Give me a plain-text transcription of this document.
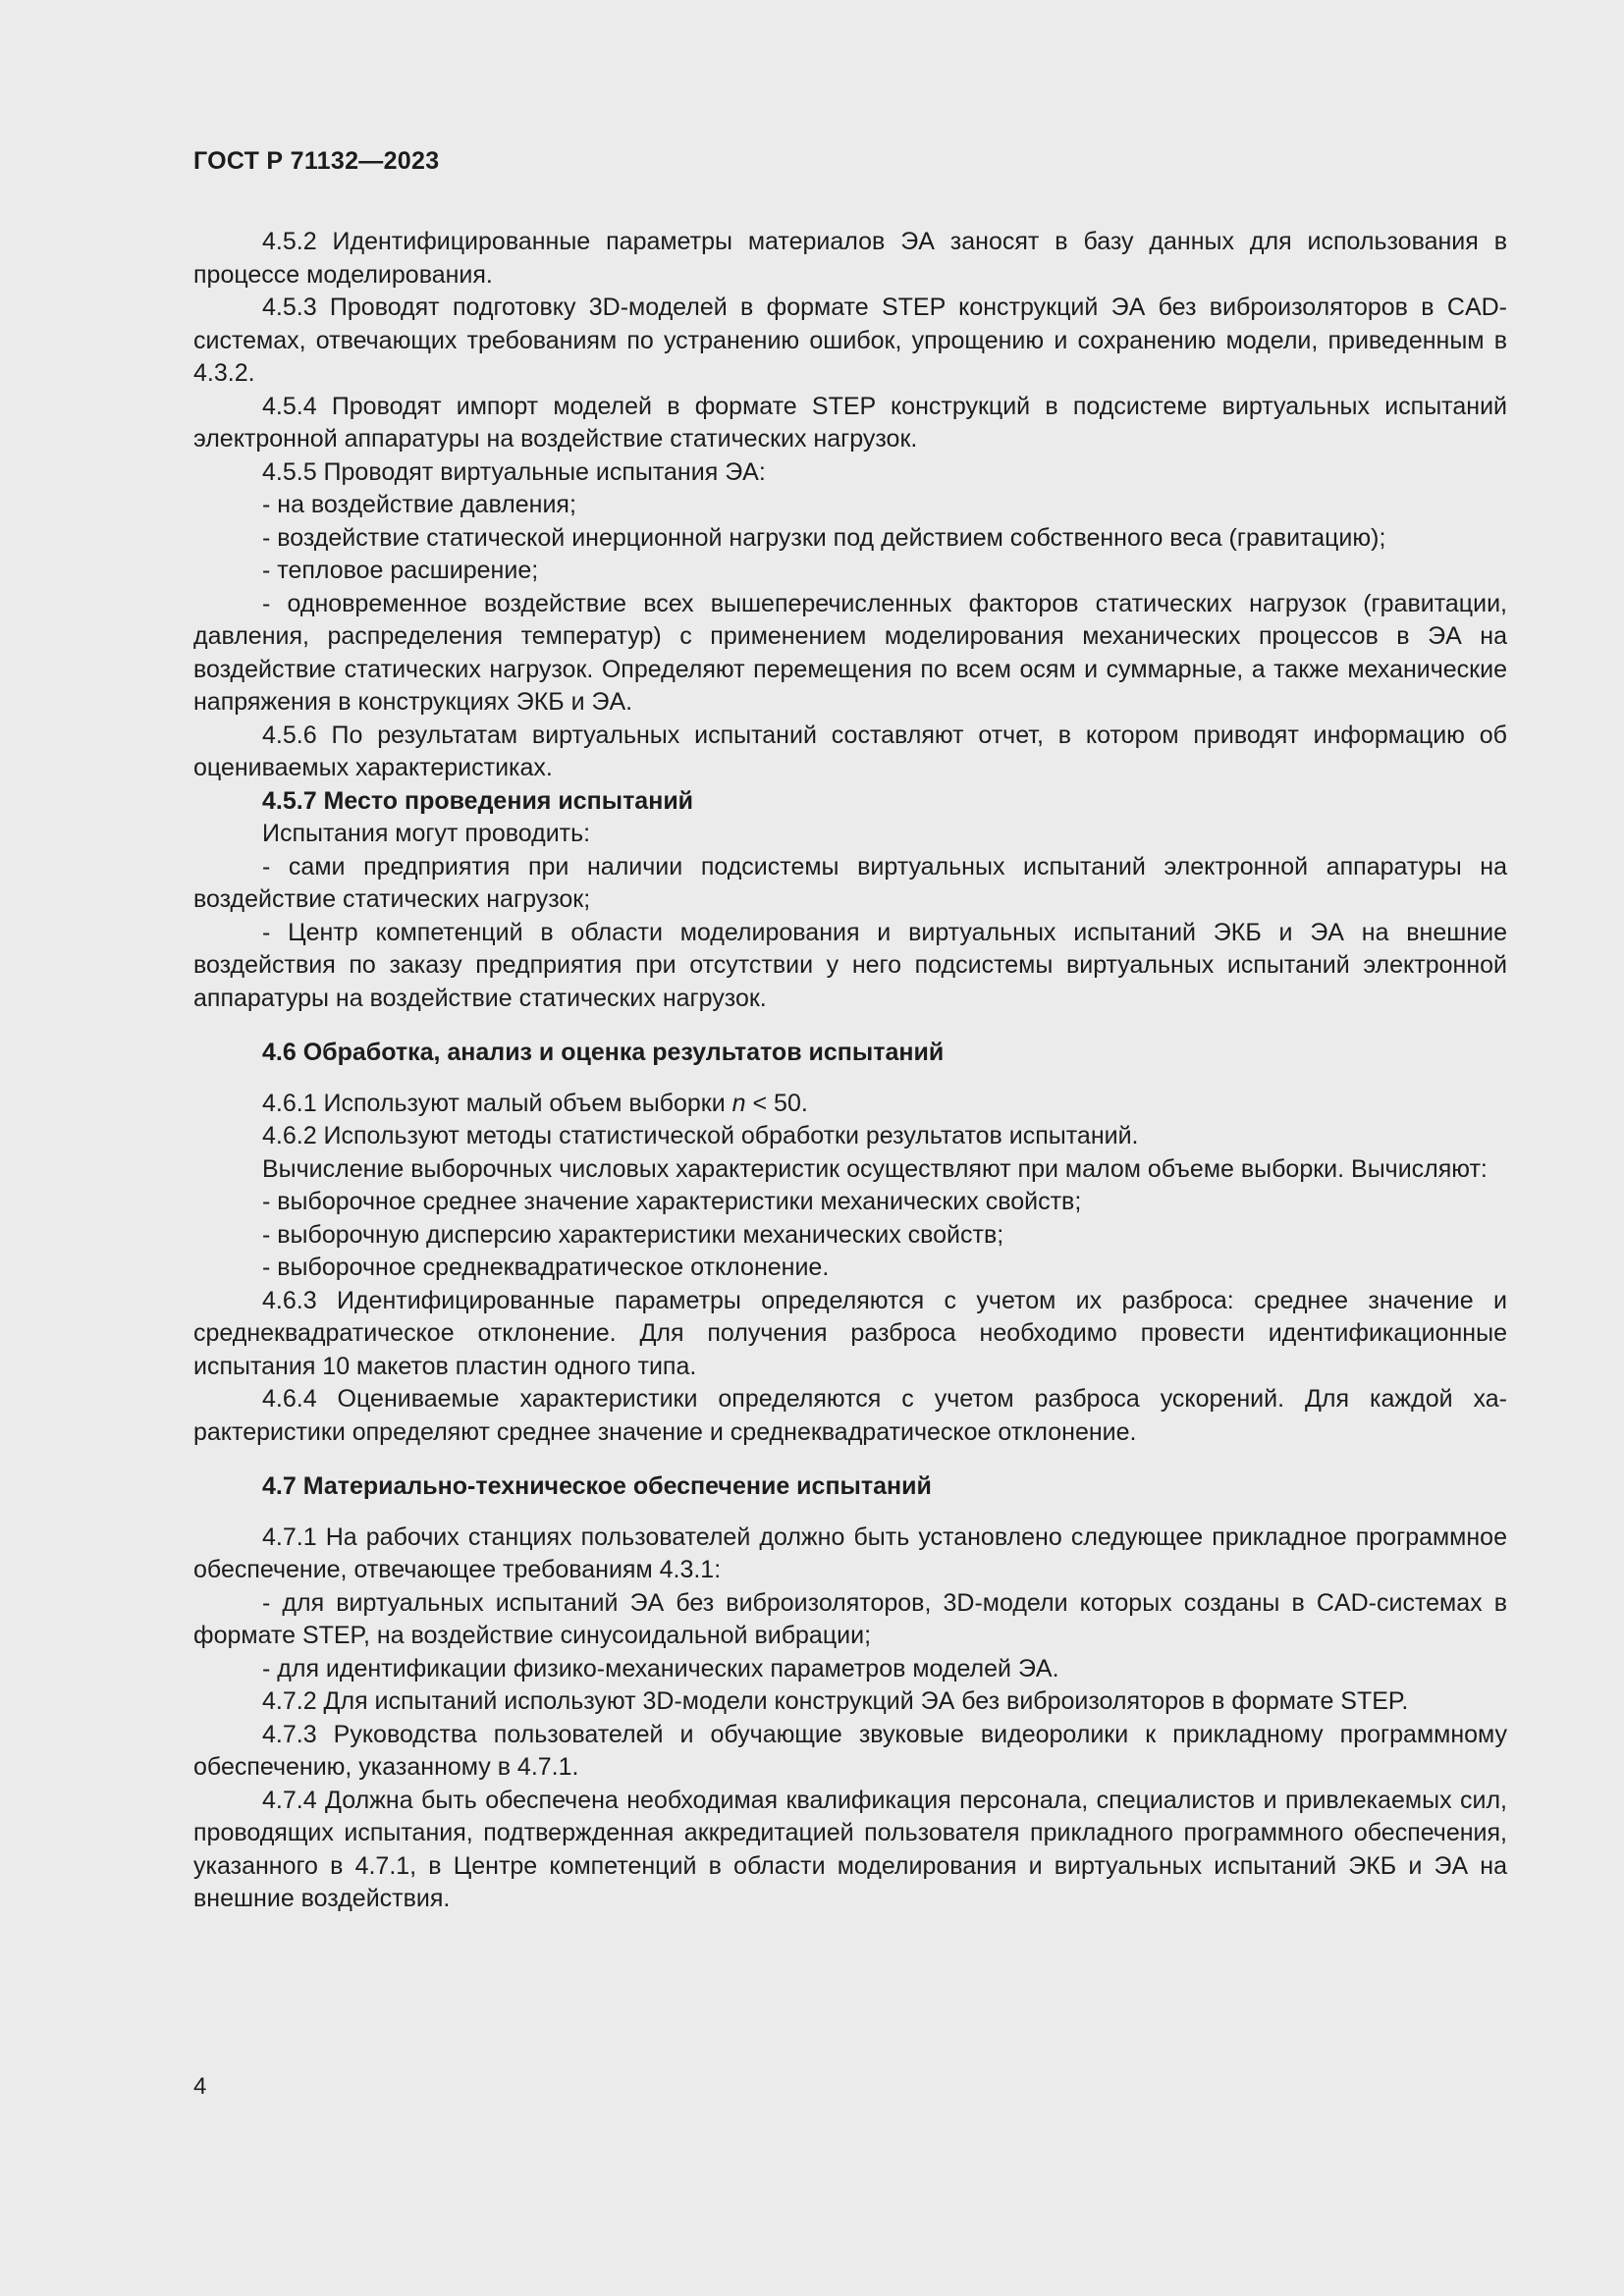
ГОСТ Р 71132—2023

4.5.2 Идентифицированные параметры материалов ЭА заносят в базу данных для использования в процессе моделирования.

4.5.3 Проводят подготовку 3D-моделей в формате STEP конструкций ЭА без виброизоляторов в CAD-системах, отвечающих требованиям по устранению ошибок, упрощению и сохранению модели, приведенным в 4.3.2.

4.5.4 Проводят импорт моделей в формате STEP конструкций в подсистеме виртуальных испытаний электронной аппаратуры на воздействие статических нагрузок.

4.5.5 Проводят виртуальные испытания ЭА:

- на воздействие давления;

- воздействие статической инерционной нагрузки под действием собственного веса (гравитацию);

- тепловое расширение;

- одновременное воздействие всех вышеперечисленных факторов статических нагрузок (гравитации, давления, распределения температур) с применением моделирования механических процессов в ЭА на воздействие статических нагрузок. Определяют перемещения по всем осям и суммарные, а также механические напряжения в конструкциях ЭКБ и ЭА.

4.5.6 По результатам виртуальных испытаний составляют отчет, в котором приводят информацию об оцениваемых характеристиках.

4.5.7 Место проведения испытаний

Испытания могут проводить:

- сами предприятия при наличии подсистемы виртуальных испытаний электронной аппаратуры на воздействие статических нагрузок;

- Центр компетенций в области моделирования и виртуальных испытаний ЭКБ и ЭА на внешние воздействия по заказу предприятия при отсутствии у него подсистемы виртуальных испытаний электронной аппаратуры на воздействие статических нагрузок.

4.6 Обработка, анализ и оценка результатов испытаний

4.6.1 Используют малый объем выборки n < 50.

4.6.2 Используют методы статистической обработки результатов испытаний.

Вычисление выборочных числовых характеристик осуществляют при малом объеме выборки. Вычисляют:

- выборочное среднее значение характеристики механических свойств;

- выборочную дисперсию характеристики механических свойств;

- выборочное среднеквадратическое отклонение.

4.6.3 Идентифицированные параметры определяются с учетом их разброса: среднее значение и среднеквадратическое отклонение. Для получения разброса необходимо провести идентификационные испытания 10 макетов пластин одного типа.

4.6.4 Оцениваемые характеристики определяются с учетом разброса ускорений. Для каждой характеристики определяют среднее значение и среднеквадратическое отклонение.

4.7 Материально-техническое обеспечение испытаний

4.7.1 На рабочих станциях пользователей должно быть установлено следующее прикладное программное обеспечение, отвечающее требованиям 4.3.1:

- для виртуальных испытаний ЭА без виброизоляторов, 3D-модели которых созданы в CAD-системах в формате STEP, на воздействие синусоидальной вибрации;

- для идентификации физико-механических параметров моделей ЭА.

4.7.2 Для испытаний используют 3D-модели конструкций ЭА без виброизоляторов в формате STEP.

4.7.3 Руководства пользователей и обучающие звуковые видеоролики к прикладному программному обеспечению, указанному в 4.7.1.

4.7.4 Должна быть обеспечена необходимая квалификация персонала, специалистов и привлекаемых сил, проводящих испытания, подтвержденная аккредитацией пользователя прикладного программного обеспечения, указанного в 4.7.1, в Центре компетенций в области моделирования и виртуальных испытаний ЭКБ и ЭА на внешние воздействия.

4
